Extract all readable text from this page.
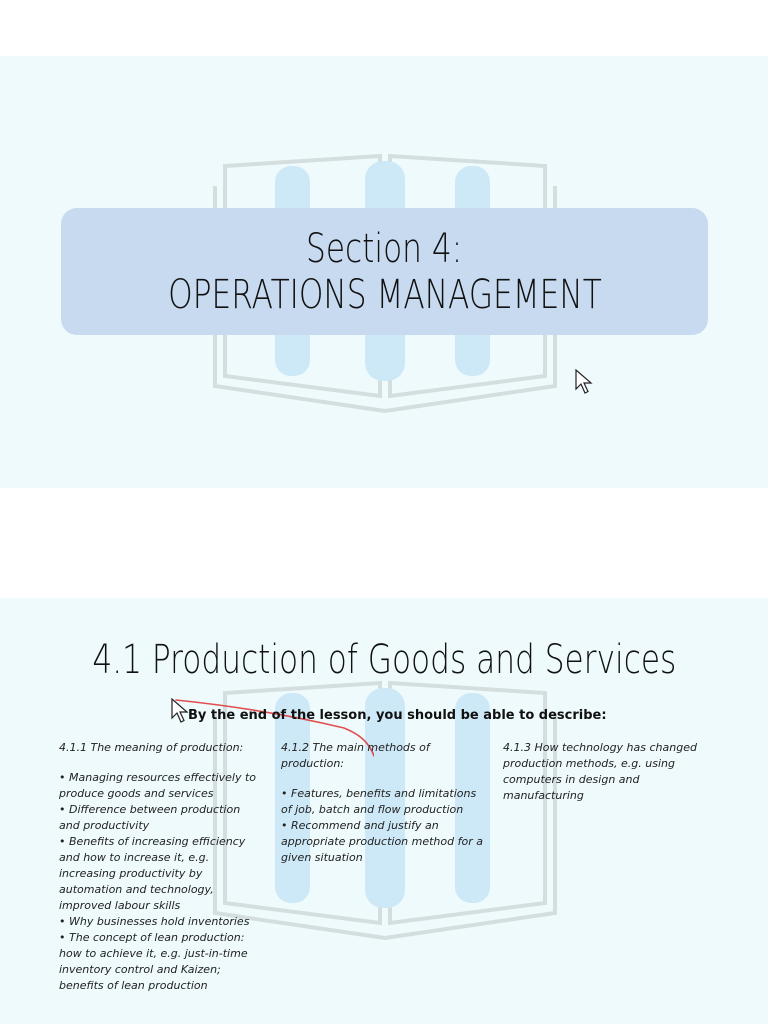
Section 4:
OPERATIONS MANAGEMENT
4.1 Production of Goods and Services
By the end of the lesson, you should be able to describe:

4.1.1 The meaning of production:

• Managing resources effectively to produce goods and services
• Difference between production and productivity
• Benefits of increasing efficiency and how to increase it, e.g. increasing productivity by automation and technology, improved labour skills
• Why businesses hold inventories
• The concept of lean production: how to achieve it, e.g. just-in-time inventory control and Kaizen; benefits of lean production

4.1.2 The main methods of production:

• Features, benefits and limitations of job, batch and flow production
• Recommend and justify an appropriate production method for a given situation

4.1.3 How technology has changed production methods, e.g. using computers in design and manufacturing
